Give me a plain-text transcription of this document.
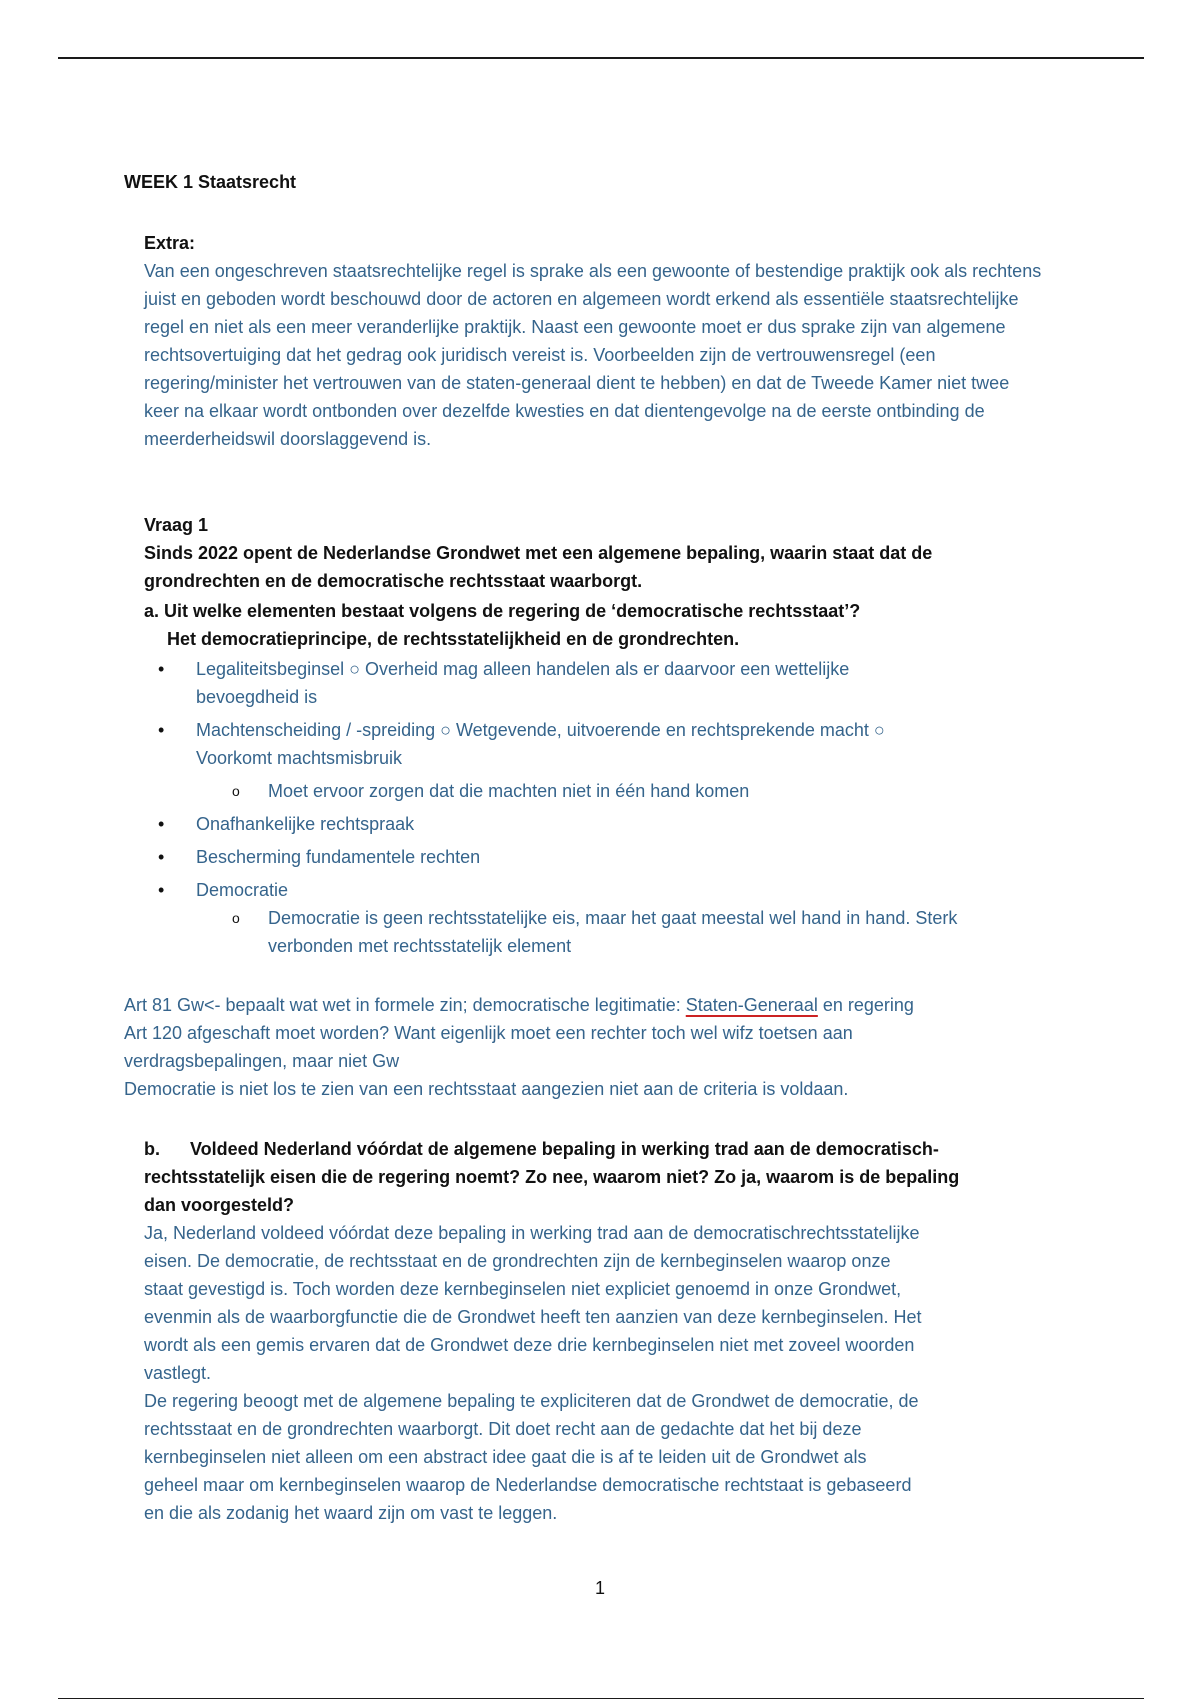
WEEK 1 Staatsrecht
Extra:
Van een ongeschreven staatsrechtelijke regel is sprake als een gewoonte of bestendige praktijk ook als rechtens
juist en geboden wordt beschouwd door de actoren en algemeen wordt erkend als essentiële staatsrechtelijke
regel en niet als een meer veranderlijke praktijk. Naast een gewoonte moet er dus sprake zijn van algemene
rechtsovertuiging dat het gedrag ook juridisch vereist is. Voorbeelden zijn de vertrouwensregel (een
regering/minister het vertrouwen van de staten-generaal dient te hebben) en dat de Tweede Kamer niet twee
keer na elkaar wordt ontbonden over dezelfde kwesties en dat dientengevolge na de eerste ontbinding de
meerderheidswil doorslaggevend is.
Vraag 1
Sinds 2022 opent de Nederlandse Grondwet met een algemene bepaling, waarin staat dat de
grondrechten en de democratische rechtsstaat waarborgt.
a. Uit welke elementen bestaat volgens de regering de ‘democratische rechtsstaat’?
Het democratieprincipe, de rechtsstatelijkheid en de grondrechten.
• Legaliteitsbeginsel ○ Overheid mag alleen handelen als er daarvoor een wettelijke
bevoegdheid is
• Machtenscheiding / -spreiding ○ Wetgevende, uitvoerende en rechtsprekende macht ○
Voorkomt machtsmisbruik
o Moet ervoor zorgen dat die machten niet in één hand komen
• Onafhankelijke rechtspraak
• Bescherming fundamentele rechten
• Democratie
o Democratie is geen rechtsstatelijke eis, maar het gaat meestal wel hand in hand. Sterk
verbonden met rechtsstatelijk element
Art 81 Gw<- bepaalt wat wet in formele zin; democratische legitimatie: Staten-Generaal en regering
Art 120 afgeschaft moet worden? Want eigenlijk moet een rechter toch wel wifz toetsen aan
verdragsbepalingen, maar niet Gw
Democratie is niet los te zien van een rechtsstaat aangezien niet aan de criteria is voldaan.
b.      Voldeed Nederland vóórdat de algemene bepaling in werking trad aan de democratisch-
rechtsstatelijk eisen die de regering noemt? Zo nee, waarom niet? Zo ja, waarom is de bepaling
dan voorgesteld?
Ja, Nederland voldeed vóórdat deze bepaling in werking trad aan de democratischrechtsstatelijke
eisen. De democratie, de rechtsstaat en de grondrechten zijn de kernbeginselen waarop onze
staat gevestigd is. Toch worden deze kernbeginselen niet expliciet genoemd in onze Grondwet,
evenmin als de waarborgfunctie die de Grondwet heeft ten aanzien van deze kernbeginselen. Het
wordt als een gemis ervaren dat de Grondwet deze drie kernbeginselen niet met zoveel woorden
vastlegt.
De regering beoogt met de algemene bepaling te expliciteren dat de Grondwet de democratie, de
rechtsstaat en de grondrechten waarborgt. Dit doet recht aan de gedachte dat het bij deze
kernbeginselen niet alleen om een abstract idee gaat die is af te leiden uit de Grondwet als
geheel maar om kernbeginselen waarop de Nederlandse democratische rechtstaat is gebaseerd
en die als zodanig het waard zijn om vast te leggen.
1
